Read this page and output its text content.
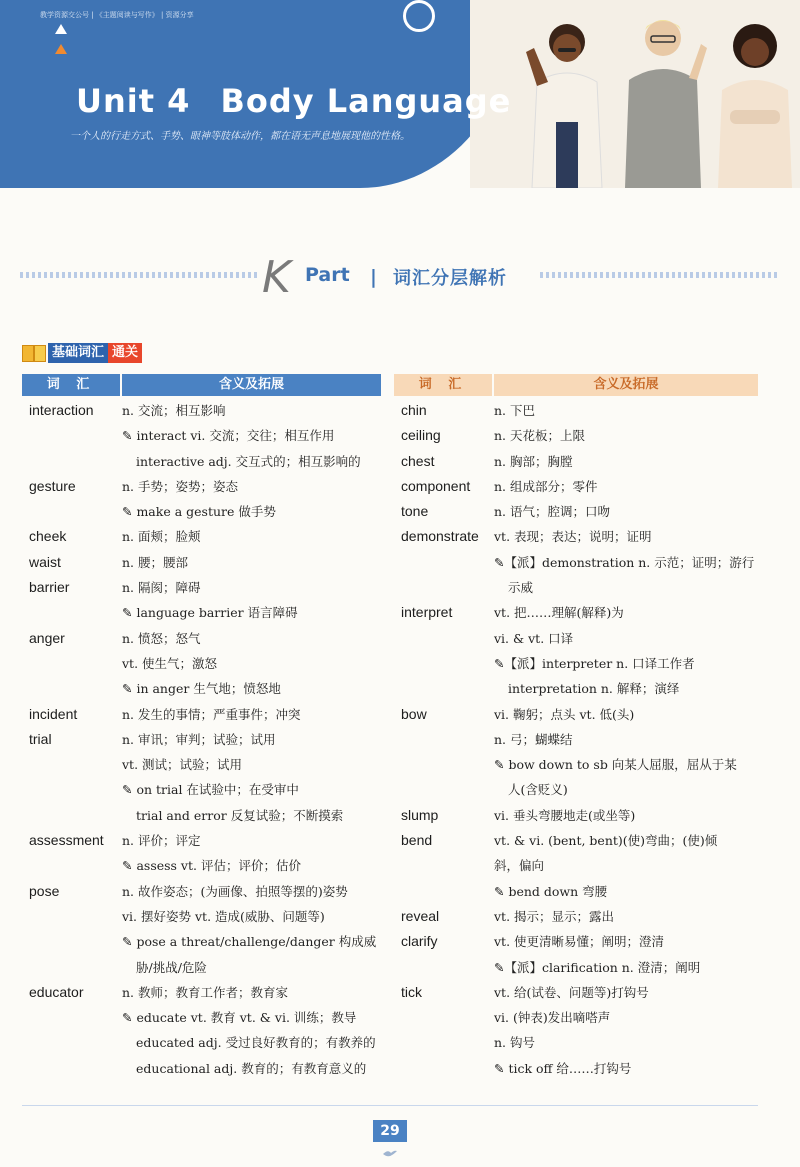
教学资源交公号 | 《主题阅读与写作》 | 资源分享
Unit 4 Body Language
一个人的行走方式、手势、眼神等肢体动作，都在语无声息地展现他的性格。
K Part | 词汇分层解析
基础词汇 通关
词 汇	含义及拓展
interaction	n. 交流；相互影响
✎ interact vi. 交流；交往；相互作用
interactive adj. 交互式的；相互影响的
gesture	n. 手势；姿势；姿态
✎ make a gesture 做手势
cheek	n. 面颊；脸颊
waist	n. 腰；腰部
barrier	n. 隔阂；障碍
✎ language barrier 语言障碍
anger	n. 愤怒；怒气
vt. 使生气；激怒
✎ in anger 生气地；愤怒地
incident	n. 发生的事情；严重事件；冲突
trial	n. 审讯；审判；试验；试用
vt. 测试；试验；试用
✎ on trial 在试验中；在受审中
trial and error 反复试验；不断摸索
assessment	n. 评价；评定
✎ assess vt. 评估；评价；估价
pose	n. 故作姿态；(为画像、拍照等摆的)姿势
vi. 摆好姿势 vt. 造成(威胁、问题等)
✎ pose a threat/challenge/danger 构成威
胁/挑战/危险
educator	n. 教师；教育工作者；教育家
✎ educate vt. 教育 vt. & vi. 训练；教导
educated adj. 受过良好教育的；有教养的
educational adj. 教育的；有教育意义的
词 汇	含义及拓展
chin	n. 下巴
ceiling	n. 天花板；上限
chest	n. 胸部；胸膛
component	n. 组成部分；零件
tone	n. 语气；腔调；口吻
demonstrate	vt. 表现；表达；说明；证明
✎【派】demonstration n. 示范；证明；游行
示威
interpret	vt. 把……理解(解释)为
vi. & vt. 口译
✎【派】interpreter n. 口译工作者
interpretation n. 解释；演绎
bow	vi. 鞠躬；点头 vt. 低(头)
n. 弓；蝴蝶结
✎ bow down to sb 向某人屈服，屈从于某
人(含贬义)
slump	vi. 垂头弯腰地走(或坐等)
bend	vt. & vi. (bent, bent)(使)弯曲；(使)倾
斜，偏向
✎ bend down 弯腰
reveal	vt. 揭示；显示；露出
clarify	vt. 使更清晰易懂；阐明；澄清
✎【派】clarification n. 澄清；阐明
tick	vt. 给(试卷、问题等)打钩号
vi. (钟表)发出嘀嗒声
n. 钩号
✎ tick off 给……打钩号
29
